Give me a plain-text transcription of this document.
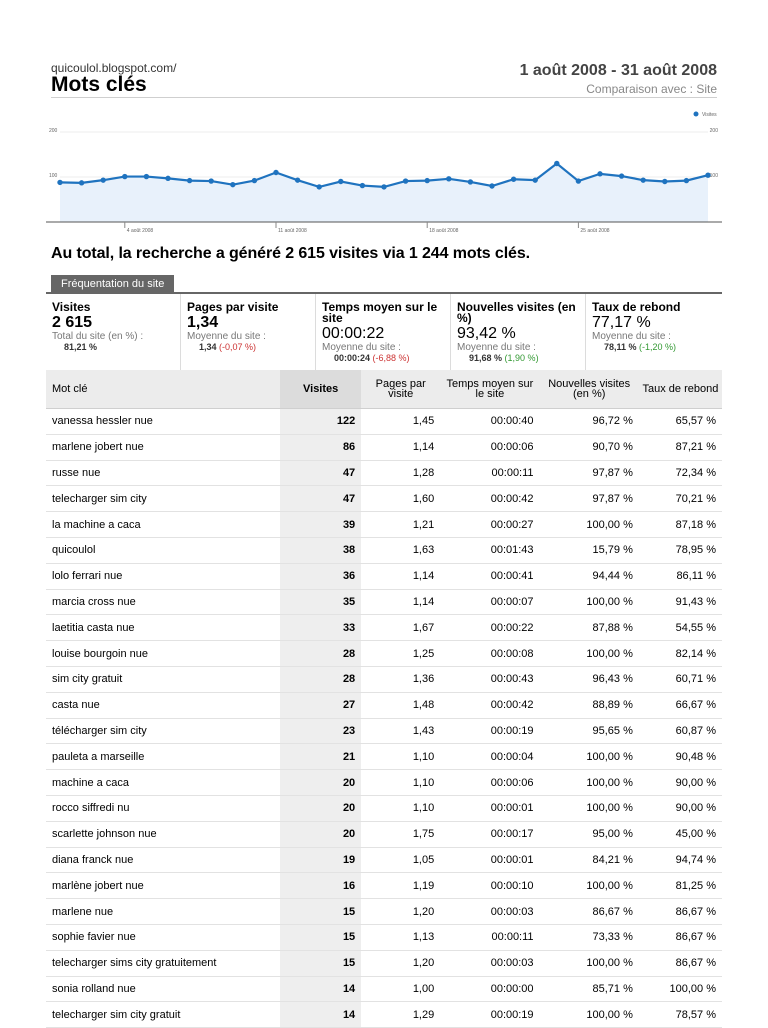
quicoulol.blogspot.com/
Mots clés
1 août 2008 - 31 août 2008
Comparaison avec : Site
4 août 2008	11 août 2008	18 août 2008	25 août 2008
200
100
200
100
Visites
Au total, la recherche a généré 2 615 visites via 1 244 mots clés.
Fréquentation du site
Visites
2 615
Total du site (en %) :
81,21 %
Pages par visite
1,34
Moyenne du site :
1,34 (-0,07 %)
Temps moyen sur le site
00:00:22
Moyenne du site :
00:00:24 (-6,88 %)
Nouvelles visites (en %)
93,42 %
Moyenne du site :
91,68 % (1,90 %)
Taux de rebond
77,17 %
Moyenne du site :
78,11 % (-1,20 %)
Mot clé	Visites	Pages par visite	Temps moyen sur le site	Nouvelles visites (en %)	Taux de rebond
vanessa hessler nue	122	1,45	00:00:40	96,72 %	65,57 %
marlene jobert nue	86	1,14	00:00:06	90,70 %	87,21 %
russe nue	47	1,28	00:00:11	97,87 %	72,34 %
telecharger sim city	47	1,60	00:00:42	97,87 %	70,21 %
la machine a caca	39	1,21	00:00:27	100,00 %	87,18 %
quicoulol	38	1,63	00:01:43	15,79 %	78,95 %
lolo ferrari nue	36	1,14	00:00:41	94,44 %	86,11 %
marcia cross nue	35	1,14	00:00:07	100,00 %	91,43 %
laetitia casta nue	33	1,67	00:00:22	87,88 %	54,55 %
louise bourgoin nue	28	1,25	00:00:08	100,00 %	82,14 %
sim city gratuit	28	1,36	00:00:43	96,43 %	60,71 %
casta nue	27	1,48	00:00:42	88,89 %	66,67 %
télécharger sim city	23	1,43	00:00:19	95,65 %	60,87 %
pauleta a marseille	21	1,10	00:00:04	100,00 %	90,48 %
machine a caca	20	1,10	00:00:06	100,00 %	90,00 %
rocco siffredi nu	20	1,10	00:00:01	100,00 %	90,00 %
scarlette johnson nue	20	1,75	00:00:17	95,00 %	45,00 %
diana franck nue	19	1,05	00:00:01	84,21 %	94,74 %
marlène jobert nue	16	1,19	00:00:10	100,00 %	81,25 %
marlene nue	15	1,20	00:00:03	86,67 %	86,67 %
sophie favier nue	15	1,13	00:00:11	73,33 %	86,67 %
telecharger sims city gratuitement	15	1,20	00:00:03	100,00 %	86,67 %
sonia rolland nue	14	1,00	00:00:00	85,71 %	100,00 %
telecharger sim city gratuit	14	1,29	00:00:19	100,00 %	78,57 %
